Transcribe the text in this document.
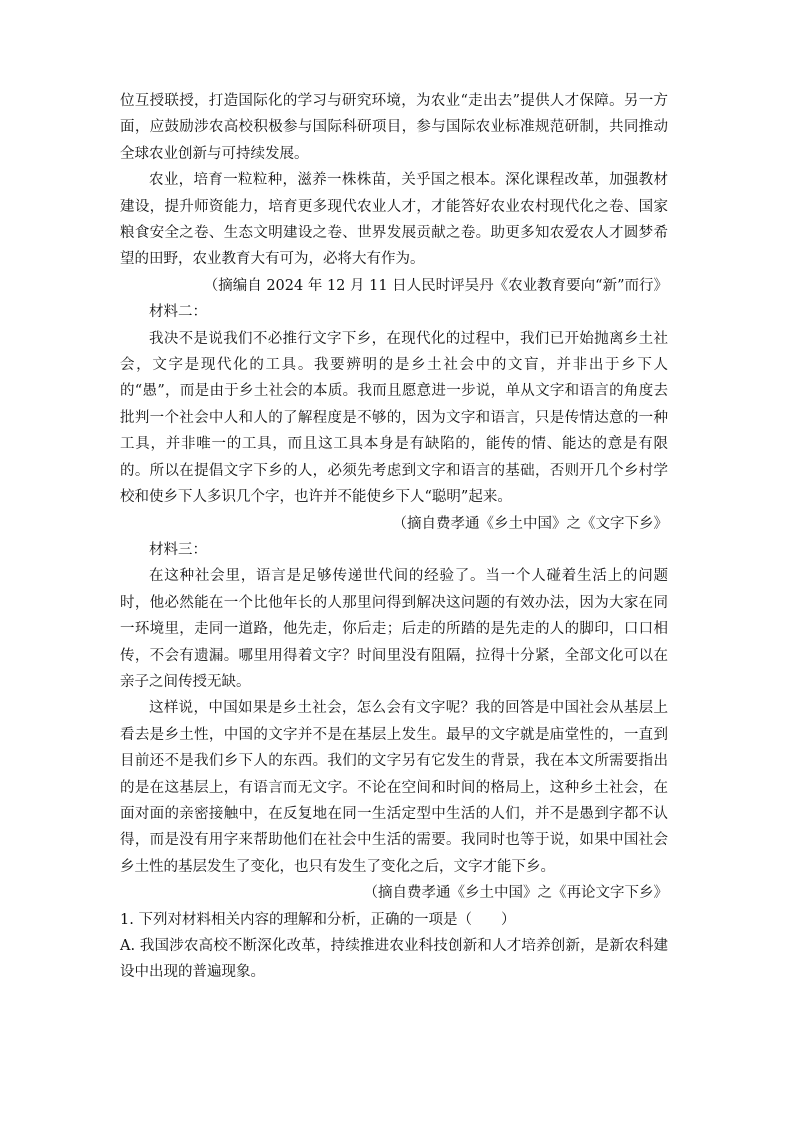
位互授联授，打造国际化的学习与研究环境，为农业“走出去”提供人才保障。另一方面，应鼓励涉农高校积极参与国际科研项目，参与国际农业标准规范研制，共同推动全球农业创新与可持续发展。

农业，培育一粒粒种，滋养一株株苗，关乎国之根本。深化课程改革，加强教材建设，提升师资能力，培育更多现代农业人才，才能答好农业农村现代化之卷、国家粮食安全之卷、生态文明建设之卷、世界发展贡献之卷。助更多知农爱农人才圆梦希望的田野，农业教育大有可为，必将大有作为。

（摘编自 2024 年 12 月 11 日人民时评吴丹《农业教育要向“新”而行》

材料二：

我决不是说我们不必推行文字下乡，在现代化的过程中，我们已开始抛离乡土社会，文字是现代化的工具。我要辨明的是乡土社会中的文盲，并非出于乡下人的“愚”，而是由于乡土社会的本质。我而且愿意进一步说，单从文字和语言的角度去批判一个社会中人和人的了解程度是不够的，因为文字和语言，只是传情达意的一种工具，并非唯一的工具，而且这工具本身是有缺陷的，能传的情、能达的意是有限的。所以在提倡文字下乡的人，必须先考虑到文字和语言的基础，否则开几个乡村学校和使乡下人多识几个字，也许并不能使乡下人“聪明”起来。

（摘自费孝通《乡土中国》之《文字下乡》

材料三：

在这种社会里，语言是足够传递世代间的经验了。当一个人碰着生活上的问题时，他必然能在一个比他年长的人那里问得到解决这问题的有效办法，因为大家在同一环境里，走同一道路，他先走，你后走；后走的所踏的是先走的人的脚印，口口相传，不会有遗漏。哪里用得着文字？时间里没有阻隔，拉得十分紧，全部文化可以在亲子之间传授无缺。

这样说，中国如果是乡土社会，怎么会有文字呢？我的回答是中国社会从基层上看去是乡土性，中国的文字并不是在基层上发生。最早的文字就是庙堂性的，一直到目前还不是我们乡下人的东西。我们的文字另有它发生的背景，我在本文所需要指出的是在这基层上，有语言而无文字。不论在空间和时间的格局上，这种乡土社会，在面对面的亲密接触中，在反复地在同一生活定型中生活的人们，并不是愚到字都不认得，而是没有用字来帮助他们在社会中生活的需要。我同时也等于说，如果中国社会乡土性的基层发生了变化，也只有发生了变化之后，文字才能下乡。

（摘自费孝通《乡土中国》之《再论文字下乡》

1. 下列对材料相关内容的理解和分析，正确的一项是（　　）

A. 我国涉农高校不断深化改革，持续推进农业科技创新和人才培养创新，是新农科建设中出现的普遍现象。
